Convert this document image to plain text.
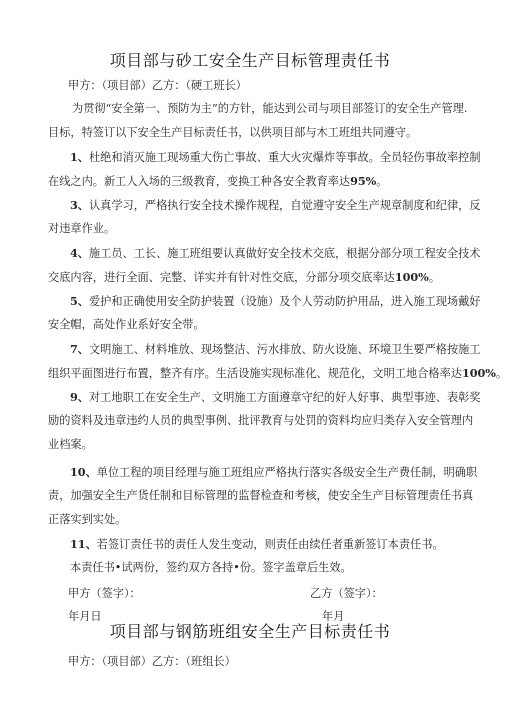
项目部与砂工安全生产目标管理责任书
甲方：（项目部）乙方：（硬工班长）
为贯彻“安全第一、预防为主”的方针，能达到公司与项目部签订的安全生产管理.
目标，特签订以下安全生产目标责任书，以供项目部与木工班组共同遵守。
1、杜绝和消灭施工现场重大伤亡事故、重大火灾爆炸等事故。全员轻伤事故率控制
在线之内。新工人入场的三级教育，变换工种各安全教育率达95%。
3、认真学习，严格执行安全技术操作规程，自觉遵守安全生产规章制度和纪律，反
对违章作业。
4、施工员、工长、施工班组要认真做好安全技术交底，根据分部分项工程安全技术
交底内容，进行全面、完整、详实并有针对性交底，分部分项交底率达100%。
5、爱护和正确使用安全防护装置（设施）及个人劳动防护用品，进入施工现场戴好
安全帽，高处作业系好安全带。
7、文明施工、材料堆放、现场整洁、污水排放、防火设施、环境卫生要严格按施工
组织平面图进行布置，整齐有序。生活设施实现标准化、规范化，文明工地合格率达100%。
9、对工地职工在安全生产、文明施工方面遵章守纪的好人好事、典型事迹、表彰奖
励的资料及违章违约人员的典型事例、批评教育与处罚的资料均应归类存入安全管理内
业档案。
10、单位工程的项目经理与施工班组应严格执行落实各级安全生产费任制，明确职
责，加强安全生产货任制和目标管理的监督检查和考核，使安全生产目标管理责任书真
正落实到实处。
11、若签订责任书的责任人发生变动，则责任由续任者重新签订本责任书。
本责任书•试两份，签约双方各持•份。签字盖章后生效。
甲方（签字）：	乙方（签字）：
年月日	年月
项目部与钢筋班组安全生产目标责任书
甲方：（项目部）乙方：（班组长）
